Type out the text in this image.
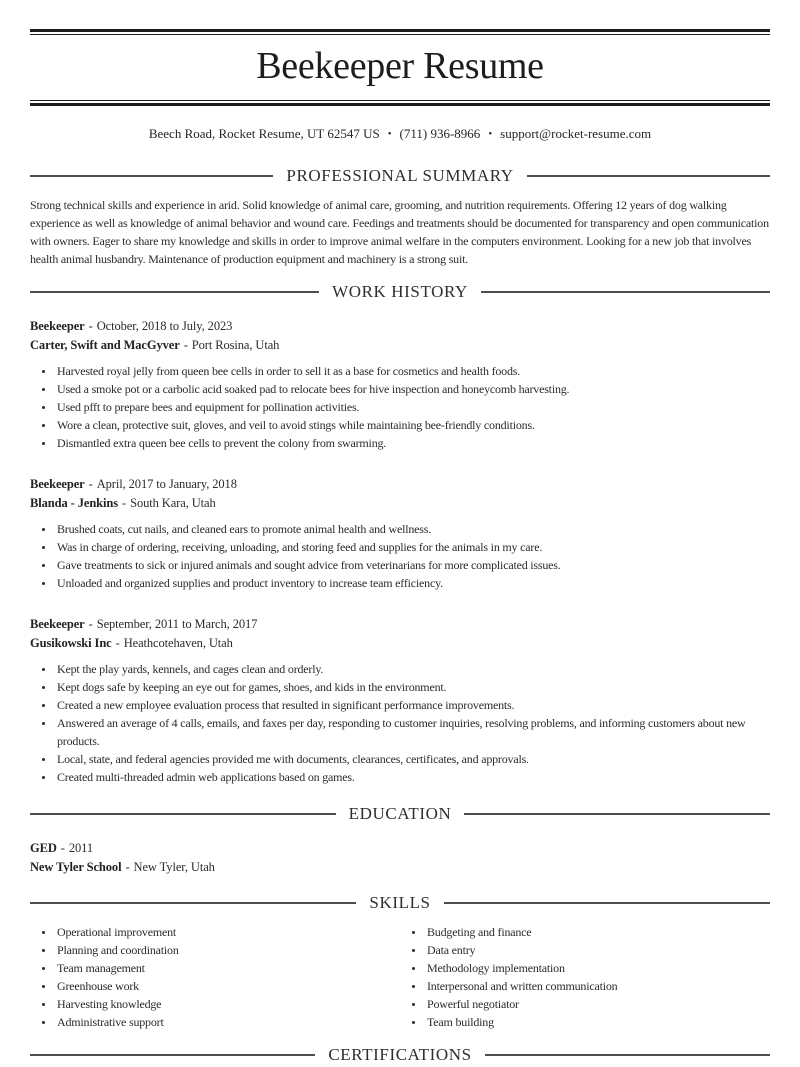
Beekeeper Resume
Beech Road, Rocket Resume, UT 62547 US • (711) 936-8966 • support@rocket-resume.com
PROFESSIONAL SUMMARY

Strong technical skills and experience in arid. Solid knowledge of animal care, grooming, and nutrition requirements. Offering 12 years of dog walking experience as well as knowledge of animal behavior and wound care. Feedings and treatments should be documented for transparency and open communication with owners. Eager to share my knowledge and skills in order to improve animal welfare in the computers environment. Looking for a new job that involves health animal husbandry. Maintenance of production equipment and machinery is a strong suit.

WORK HISTORY
Beekeeper - October, 2018 to July, 2023
Carter, Swift and MacGyver - Port Rosina, Utah
• Harvested royal jelly from queen bee cells in order to sell it as a base for cosmetics and health foods.
• Used a smoke pot or a carbolic acid soaked pad to relocate bees for hive inspection and honeycomb harvesting.
• Used pfft to prepare bees and equipment for pollination activities.
• Wore a clean, protective suit, gloves, and veil to avoid stings while maintaining bee-friendly conditions.
• Dismantled extra queen bee cells to prevent the colony from swarming.
Beekeeper - April, 2017 to January, 2018
Blanda - Jenkins - South Kara, Utah
• Brushed coats, cut nails, and cleaned ears to promote animal health and wellness.
• Was in charge of ordering, receiving, unloading, and storing feed and supplies for the animals in my care.
• Gave treatments to sick or injured animals and sought advice from veterinarians for more complicated issues.
• Unloaded and organized supplies and product inventory to increase team efficiency.
Beekeeper - September, 2011 to March, 2017
Gusikowski Inc - Heathcotehaven, Utah
• Kept the play yards, kennels, and cages clean and orderly.
• Kept dogs safe by keeping an eye out for games, shoes, and kids in the environment.
• Created a new employee evaluation process that resulted in significant performance improvements.
• Answered an average of 4 calls, emails, and faxes per day, responding to customer inquiries, resolving problems, and informing customers about new products.
• Local, state, and federal agencies provided me with documents, clearances, certificates, and approvals.
• Created multi-threaded admin web applications based on games.
EDUCATION
GED - 2011
New Tyler School - New Tyler, Utah
SKILLS
• Operational improvement
• Planning and coordination
• Team management
• Greenhouse work
• Harvesting knowledge
• Administrative support
• Budgeting and finance
• Data entry
• Methodology implementation
• Interpersonal and written communication
• Powerful negotiator
• Team building
CERTIFICATIONS
